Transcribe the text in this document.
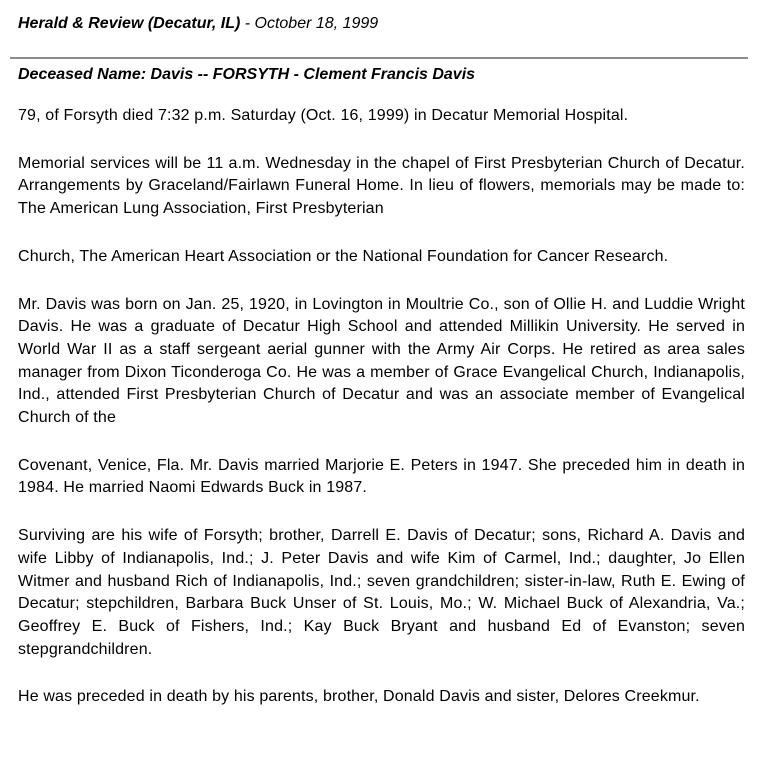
Herald & Review (Decatur, IL) - October 18, 1999
Deceased Name: Davis -- FORSYTH - Clement Francis Davis

79, of Forsyth died 7:32 p.m. Saturday (Oct. 16, 1999) in Decatur Memorial Hospital.

Memorial services will be 11 a.m. Wednesday in the chapel of First Presbyterian Church of Decatur. Arrangements by Graceland/Fairlawn Funeral Home. In lieu of flowers, memorials may be made to: The American Lung Association, First Presbyterian

Church, The American Heart Association or the National Foundation for Cancer Research.

Mr. Davis was born on Jan. 25, 1920, in Lovington in Moultrie Co., son of Ollie H. and Luddie Wright Davis. He was a graduate of Decatur High School and attended Millikin University. He served in World War II as a staff sergeant aerial gunner with the Army Air Corps. He retired as area sales manager from Dixon Ticonderoga Co. He was a member of Grace Evangelical Church, Indianapolis, Ind., attended First Presbyterian Church of Decatur and was an associate member of Evangelical Church of the

Covenant, Venice, Fla. Mr. Davis married Marjorie E. Peters in 1947. She preceded him in death in 1984. He married Naomi Edwards Buck in 1987.

Surviving are his wife of Forsyth; brother, Darrell E. Davis of Decatur; sons, Richard A. Davis and wife Libby of Indianapolis, Ind.; J. Peter Davis and wife Kim of Carmel, Ind.; daughter, Jo Ellen Witmer and husband Rich of Indianapolis, Ind.; seven grandchildren; sister-in-law, Ruth E. Ewing of Decatur; stepchildren, Barbara Buck Unser of St. Louis, Mo.; W. Michael Buck of Alexandria, Va.; Geoffrey E. Buck of Fishers, Ind.; Kay Buck Bryant and husband Ed of Evanston; seven stepgrandchildren.

He was preceded in death by his parents, brother, Donald Davis and sister, Delores Creekmur.
